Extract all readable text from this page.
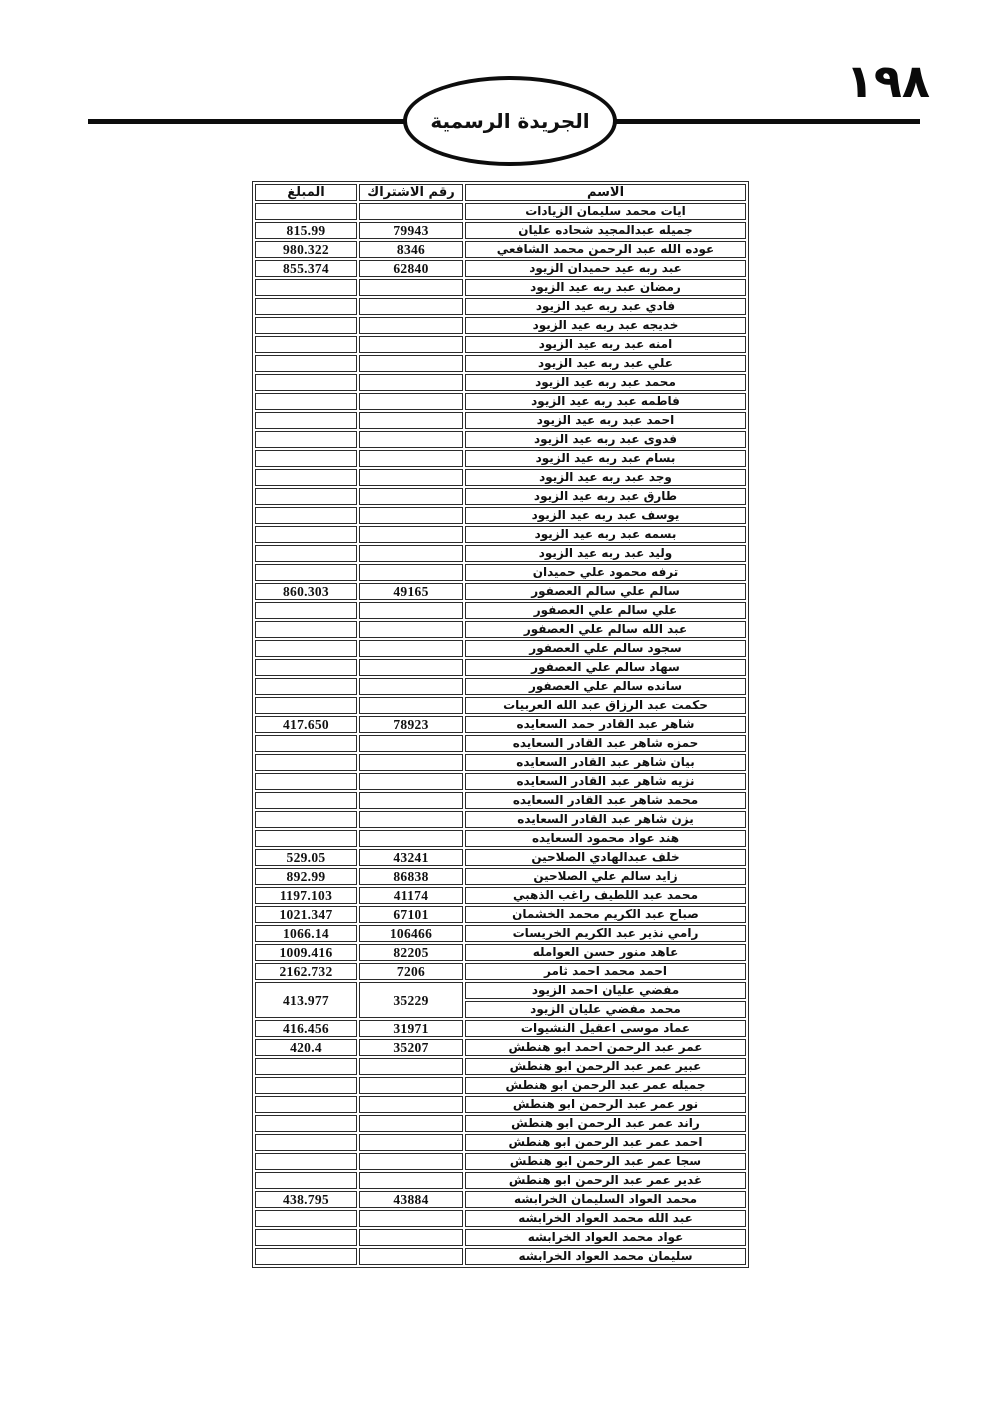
١٩٨
الجريدة الرسمية
الاسم	رقم الاشتراك	المبلغ
ايات محمد سليمان الزيادات		
جميله عبدالمجيد شحاده عليان	79943	815.99
عوده الله عبد الرحمن محمد الشافعي	8346	980.322
عبد ربه عيد حميدان الزيود	62840	855.374
رمضان عبد ربه عيد الزيود		
فادي عبد ربه عيد الزيود		
خديجه عبد ربه عيد الزيود		
امنه عبد ربه عيد الزيود		
علي عبد ربه عيد الزيود		
محمد عبد ربه عيد الزيود		
فاطمه عبد ربه عيد الزيود		
احمد عبد ربه عيد الزيود		
فدوى عبد ربه عيد الزيود		
بسام عبد ربه عيد الزيود		
وجد عبد ربه عيد الزيود		
طارق عبد ربه عيد الزيود		
يوسف عبد ربه عيد الزيود		
بسمه عبد ربه عيد الزيود		
وليد عبد ربه عيد الزيود		
ترفه محمود علي حميدان		
سالم علي سالم العصفور	49165	860.303
علي سالم علي العصفور		
عبد الله سالم علي العصفور		
سجود سالم علي العصفور		
سهاد سالم علي العصفور		
سانده سالم علي العصفور		
حكمت عبد الرزاق عبد الله العربيات		
شاهر عبد القادر حمد السعايده	78923	417.650
حمزه شاهر عبد القادر السعايده		
بيان شاهر عبد القادر السعايده		
نزيه شاهر عبد القادر السعايده		
محمد شاهر عبد القادر السعايده		
يزن شاهر عبد القادر السعايده		
هند عواد محمود السعايده		
خلف عبدالهادي الصلاحين	43241	529.05
زايد سالم علي الصلاحين	86838	892.99
محمد عبد اللطيف راغب الذهبي	41174	1197.103
صباح عبد الكريم محمد الخشمان	67101	1021.347
رامي نذير عبد الكريم الخريسات	106466	1066.14
عاهد منور حسن العوامله	82205	1009.416
احمد محمد احمد ثامر	7206	2162.732
مفضي عليان احمد الزيود	35229	413.977
محمد مفضي عليان الزيود		
عماد موسى اعقيل النشيوات	31971	416.456
عمر عبد الرحمن احمد ابو هنطش	35207	420.4
عبير عمر عبد الرحمن ابو هنطش		
جميله عمر عبد الرحمن ابو هنطش		
نور عمر عبد الرحمن ابو هنطش		
راند عمر عبد الرحمن ابو هنطش		
احمد عمر عبد الرحمن ابو هنطش		
سجا عمر عبد الرحمن ابو هنطش		
غدير عمر عبد الرحمن ابو هنطش		
محمد العواد السليمان الخرابشه	43884	438.795
عبد الله محمد العواد الخرابشه		
عواد محمد العواد الخرابشه		
سليمان محمد العواد الخرابشه		
